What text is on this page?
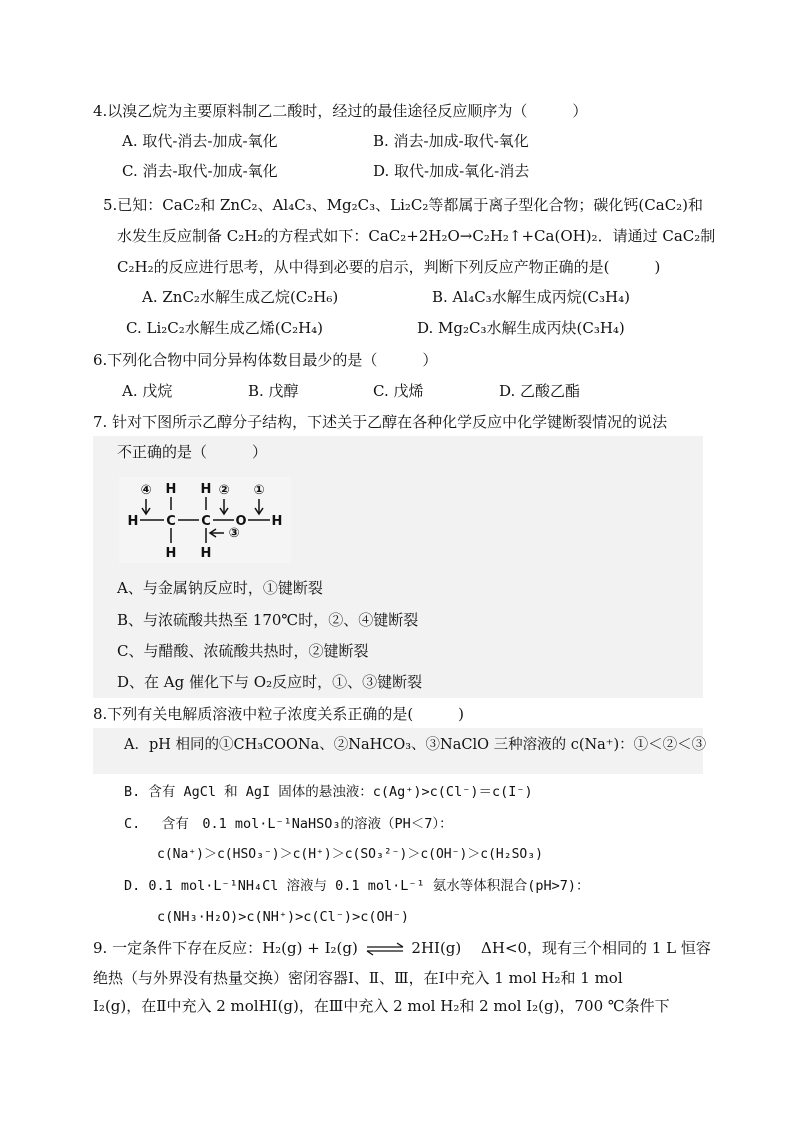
4.以溴乙烷为主要原料制乙二酸时，经过的最佳途径反应顺序为（　　　）
A. 取代-消去-加成-氧化	B. 消去-加成-取代-氧化
C. 消去-取代-加成-氧化	D. 取代-加成-氧化-消去
5.已知：CaC₂和 ZnC₂、Al₄C₃、Mg₂C₃、Li₂C₂等都属于离子型化合物；碳化钙(CaC₂)和
水发生反应制备 C₂H₂的方程式如下：CaC₂+2H₂O→C₂H₂↑+Ca(OH)₂．请通过 CaC₂制
C₂H₂的反应进行思考，从中得到必要的启示，判断下列反应产物正确的是(　　　)
A. ZnC₂水解生成乙烷(C₂H₆)	B. Al₄C₃水解生成丙烷(C₃H₄)
C. Li₂C₂水解生成乙烯(C₂H₄)	D. Mg₂C₃水解生成丙炔(C₃H₄)
6.下列化合物中同分异构体数目最少的是（　　　）
A. 戊烷	B. 戊醇	C. 戊烯	D. 乙酸乙酯
7. 针对下图所示乙醇分子结构，下述关于乙醇在各种化学反应中化学键断裂情况的说法
不正确的是（　　　）
④	② ①
③
H H
H C C O H
H H
A、与金属钠反应时，①键断裂
B、与浓硫酸共热至 170℃时，②、④键断裂
C、与醋酸、浓硫酸共热时，②键断裂
D、在 Ag 催化下与 O₂反应时，①、③键断裂
8.下列有关电解质溶液中粒子浓度关系正确的是(　　　)
A．pH 相同的①CH₃COONa、②NaHCO₃、③NaClO 三种溶液的 c(Na⁺)：①＜②＜③
B. 含有 AgCl 和 AgI 固体的悬浊液：c(Ag⁺)>c(Cl⁻)＝c(I⁻)
C.　 含有　0.1 mol·L⁻¹NaHSO₃的溶液（PH＜7）：
c(Na⁺)＞c(HSO₃⁻)＞c(H⁺)＞c(SO₃²⁻)＞c(OH⁻)＞c(H₂SO₃)
D. 0.1 mol·L⁻¹NH₄Cl 溶液与 0.1 mol·L⁻¹ 氨水等体积混合(pH>7)：
c(NH₃·H₂O)>c(NH⁺)>c(Cl⁻)>c(OH⁻)
9. 一定条件下存在反应：H₂(g) + I₂(g) ⇌ 2HI(g)　 ΔH<0，现有三个相同的 1 L 恒容
绝热（与外界没有热量交换）密闭容器Ⅰ、Ⅱ、Ⅲ，在Ⅰ中充入 1 mol H₂和 1 mol
I₂(g)，在Ⅱ中充入 2 molHI(g)，在Ⅲ中充入 2 mol H₂和 2 mol I₂(g)，700 ℃条件下
